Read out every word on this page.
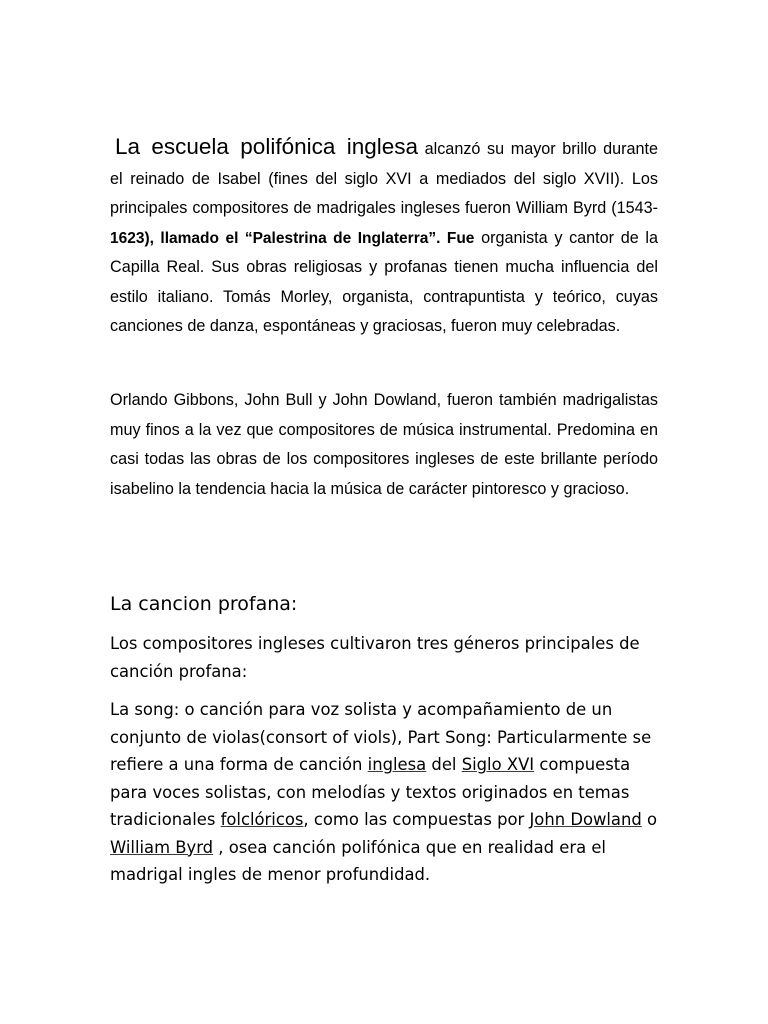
La escuela polifónica inglesa alcanzó su mayor brillo durante el reinado de Isabel (fines del siglo XVI a mediados del siglo XVII). Los principales compositores de madrigales ingleses fueron William Byrd (1543-1623), llamado el “Palestrina de Inglaterra”. Fue organista y cantor de la Capilla Real. Sus obras religiosas y profanas tienen mucha influencia del estilo italiano. Tomás Morley, organista, contrapuntista y teórico, cuyas canciones de danza, espontáneas y graciosas, fueron muy celebradas.

Orlando Gibbons, John Bull y John Dowland, fueron también madrigalistas muy finos a la vez que compositores de música instrumental. Predomina en casi todas las obras de los compositores ingleses de este brillante período isabelino la tendencia hacia la música de carácter pintoresco y gracioso.

La cancion profana:

Los compositores ingleses cultivaron tres géneros principales de canción profana:

La song: o canción para voz solista y acompañamiento de un conjunto de violas(consort of viols), Part Song: Particularmente se refiere a una forma de canción inglesa del Siglo XVI compuesta para voces solistas, con melodías y textos originados en temas tradicionales folclóricos, como las compuestas por John Dowland o William Byrd , osea canción polifónica que en realidad era el madrigal ingles de menor profundidad.
